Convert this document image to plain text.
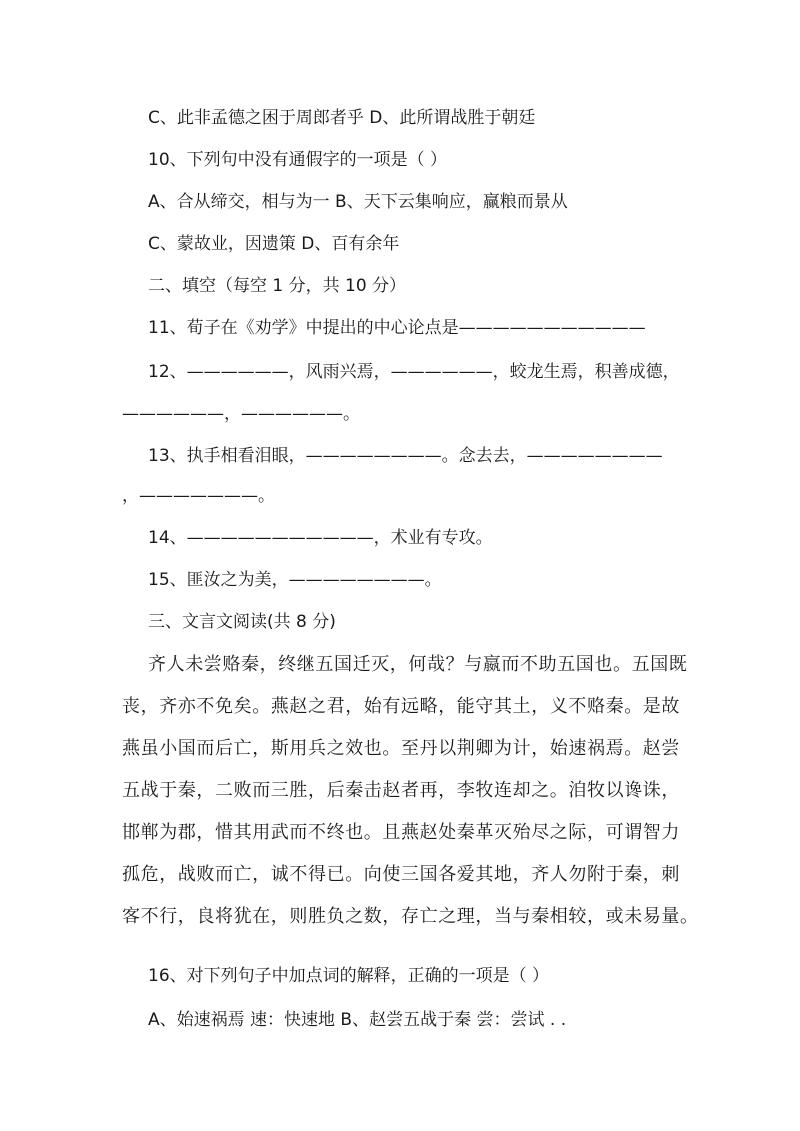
C、此非孟德之困于周郎者乎 D、此所谓战胜于朝廷
10、下列句中没有通假字的一项是（ ）
A、合从缔交，相与为一 B、天下云集响应，赢粮而景从
C、蒙故业，因遗策 D、百有余年
二、填空（每空 1 分，共 10 分）
11、荀子在《劝学》中提出的中心论点是———————————
12、——————，风雨兴焉，——————，蛟龙生焉，积善成德，
——————，——————。
13、执手相看泪眼，————————。念去去，————————
，———————。
14、———————————，术业有专攻。
15、匪汝之为美，————————。
三、文言文阅读(共 8 分)
齐人未尝赂秦，终继五国迁灭，何哉？与嬴而不助五国也。五国既
丧，齐亦不免矣。燕赵之君，始有远略，能守其土，义不赂秦。是故
燕虽小国而后亡，斯用兵之效也。至丹以荆卿为计，始速祸焉。赵尝
五战于秦，二败而三胜，后秦击赵者再，李牧连却之。洎牧以谗诛，
邯郸为郡，惜其用武而不终也。且燕赵处秦革灭殆尽之际，可谓智力
孤危，战败而亡，诚不得已。向使三国各爱其地，齐人勿附于秦，刺
客不行，良将犹在，则胜负之数，存亡之理，当与秦相较，或未易量。
16、对下列句子中加点词的解释，正确的一项是（ ）
A、始速祸焉 速：快速地 B、赵尝五战于秦 尝：尝试 . .
